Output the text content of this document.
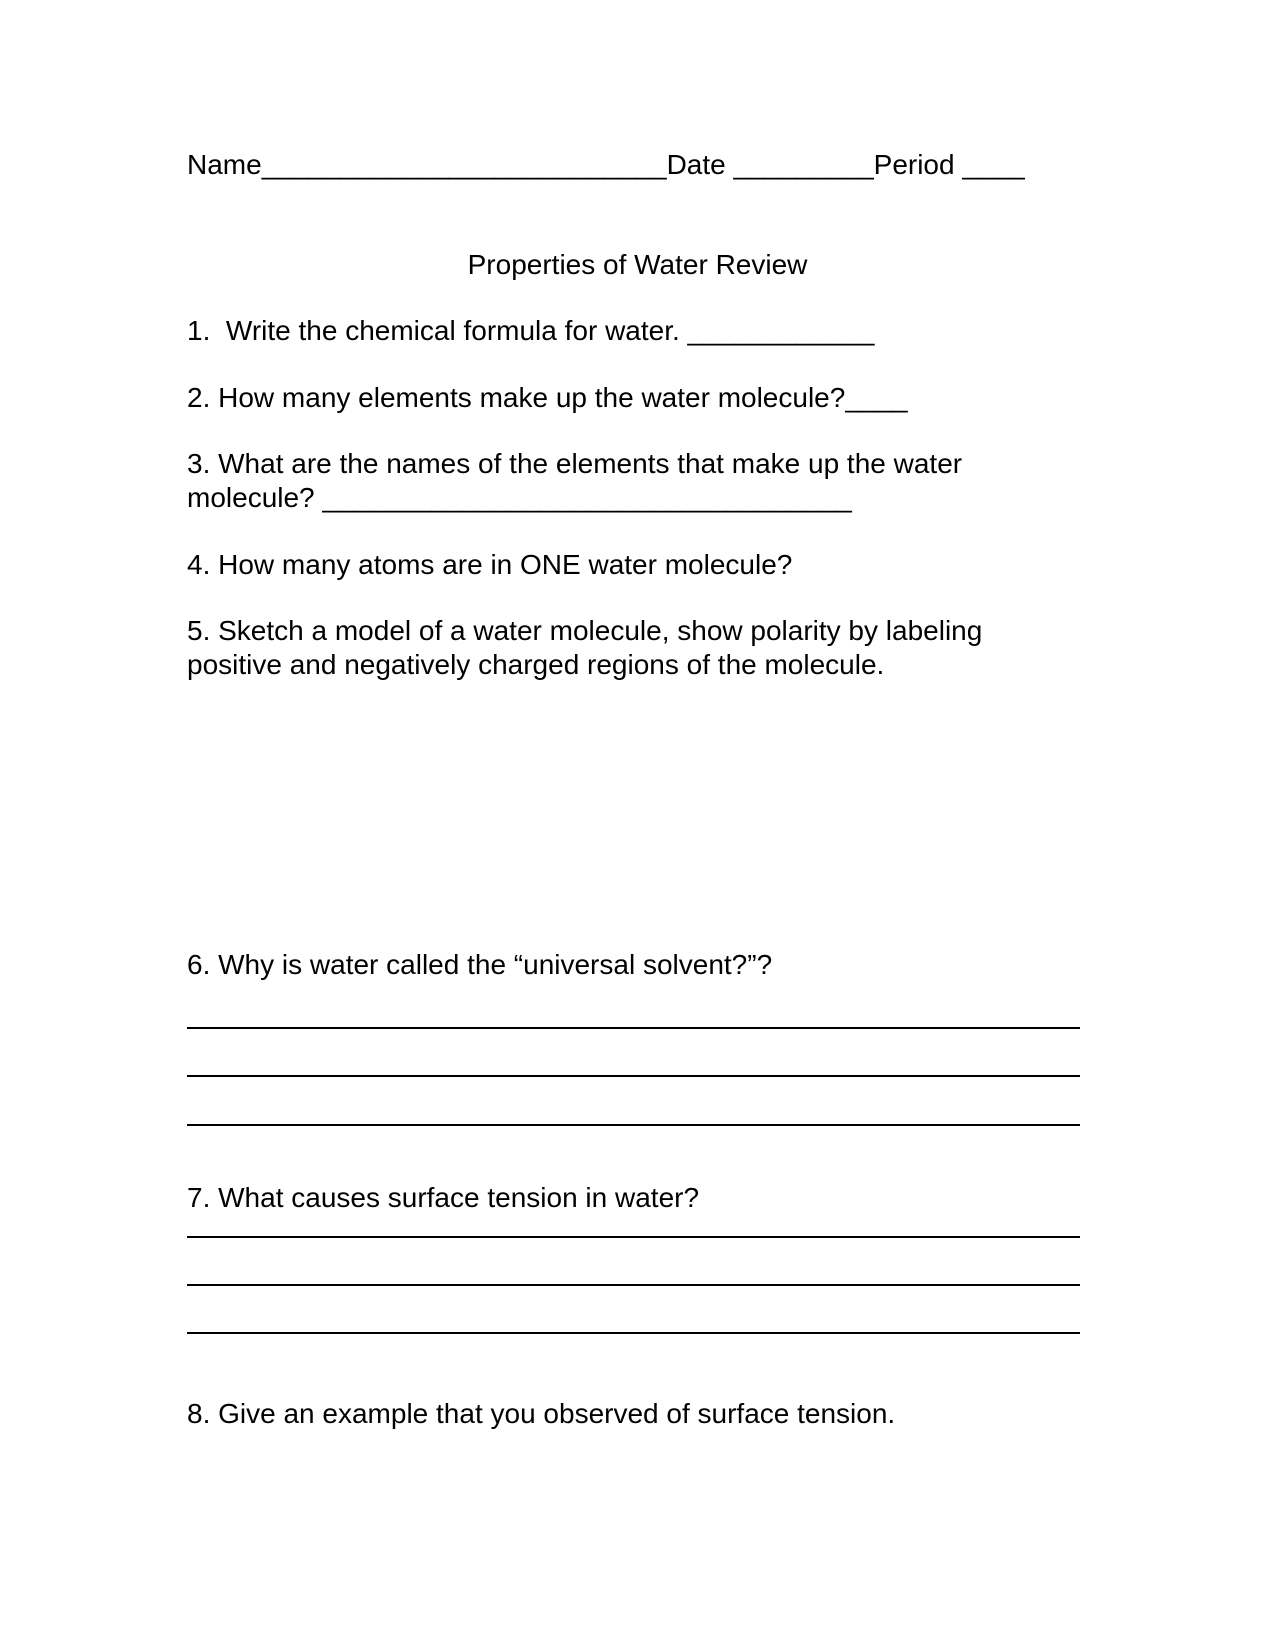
Name__________________________Date _________Period ____
Properties of Water Review
1.  Write the chemical formula for water. ____________
2. How many elements make up the water molecule?____
3. What are the names of the elements that make up the water
molecule? __________________________________
4. How many atoms are in ONE water molecule?
5. Sketch a model of a water molecule, show polarity by labeling
positive and negatively charged regions of the molecule.
6. Why is water called the “universal solvent?”?
7. What causes surface tension in water?
8. Give an example that you observed of surface tension.
